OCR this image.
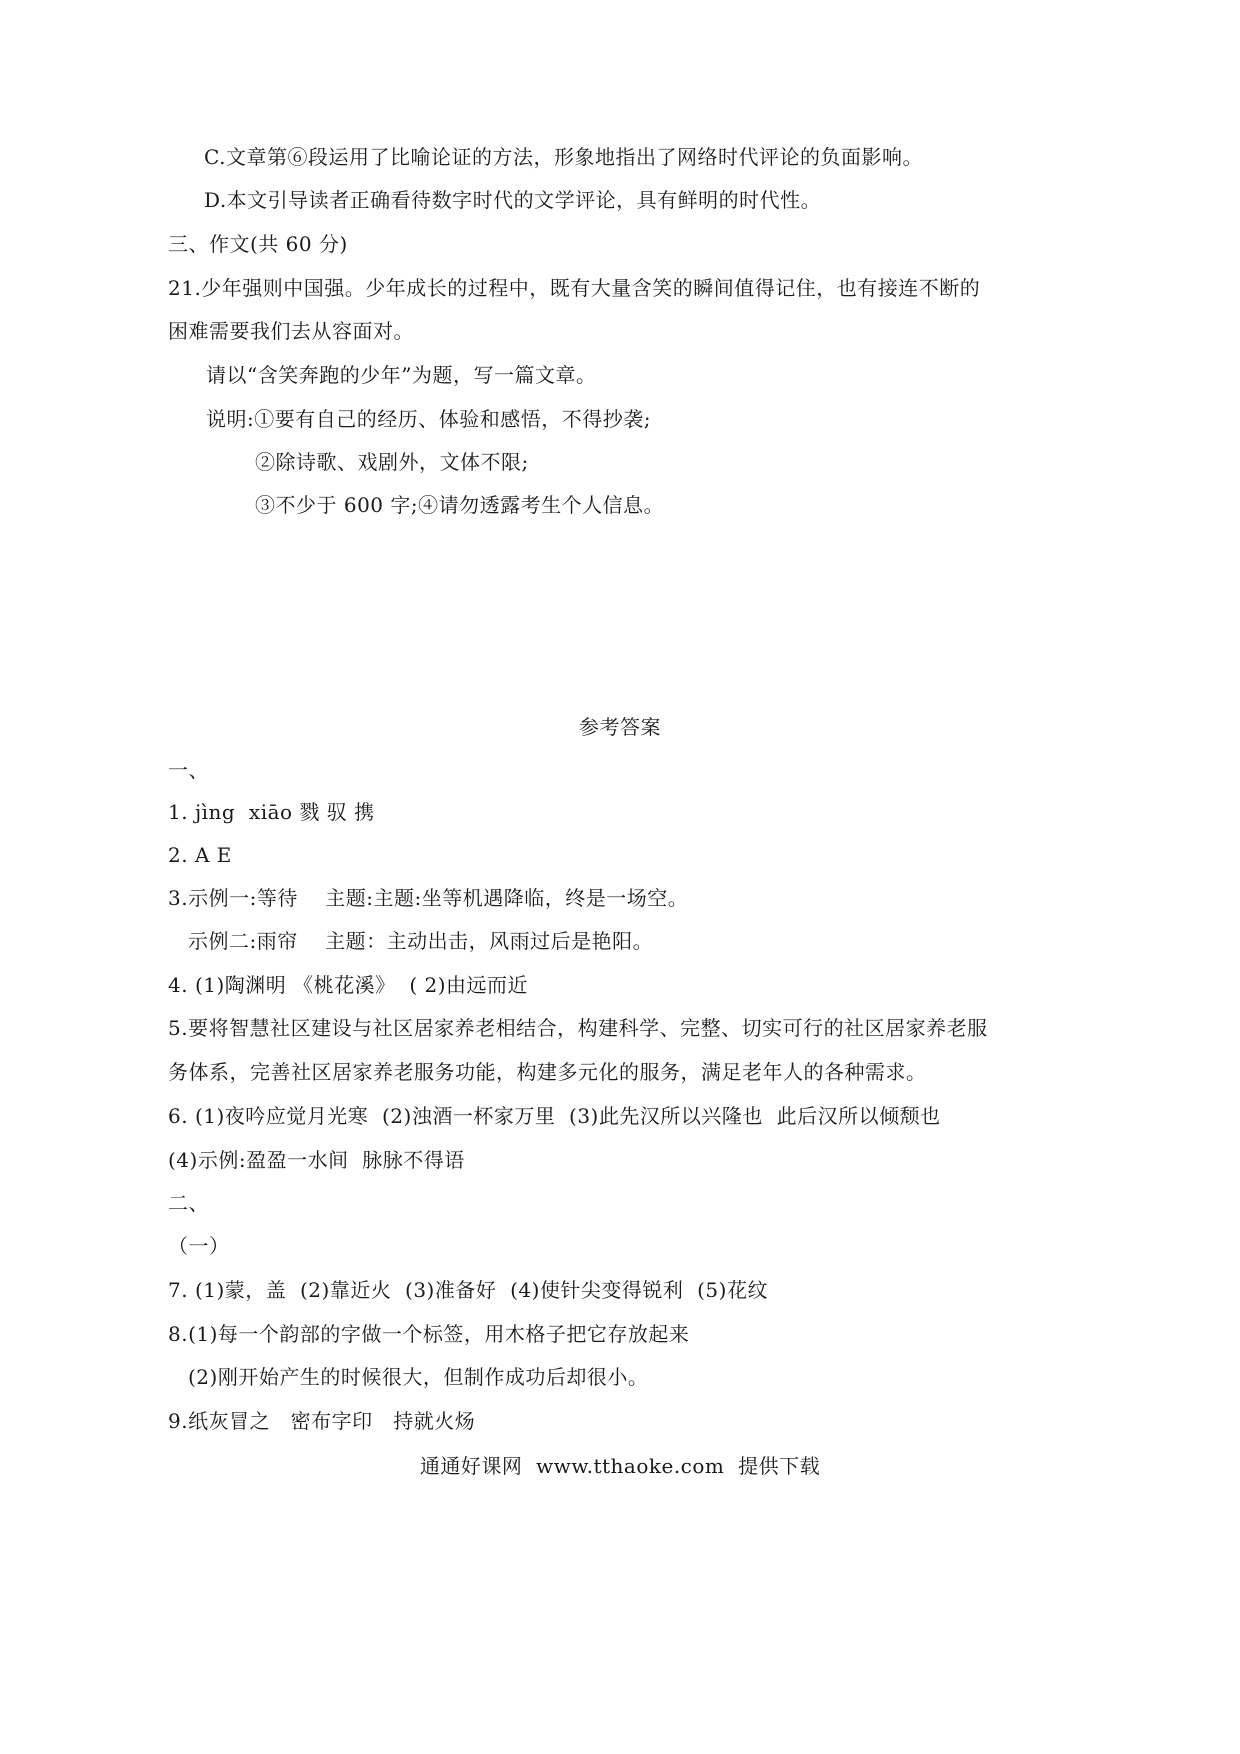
C.文章第⑥段运用了比喻论证的方法，形象地指出了网络时代评论的负面影响。
D.本文引导读者正确看待数字时代的文学评论，具有鲜明的时代性。
三、作文(共 60 分)
21.少年强则中国强。少年成长的过程中，既有大量含笑的瞬间值得记住，也有接连不断的
困难需要我们去从容面对。
请以“含笑奔跑的少年”为题，写一篇文章。
说明:①要有自己的经历、体验和感悟，不得抄袭;
②除诗歌、戏剧外，文体不限;
③不少于 600 字;④请勿透露考生个人信息。
参考答案
一、
1. jìng  xiāo 戮 驭 携
2. A E
3.示例一:等待    主题:主题:坐等机遇降临，终是一场空。
示例二:雨帘    主题：主动出击，风雨过后是艳阳。
4. (1)陶渊明 《桃花溪》  ( 2)由远而近
5.要将智慧社区建设与社区居家养老相结合，构建科学、完整、切实可行的社区居家养老服
务体系，完善社区居家养老服务功能，构建多元化的服务，满足老年人的各种需求。
6. (1)夜吟应觉月光寒  (2)浊酒一杯家万里  (3)此先汉所以兴隆也  此后汉所以倾颓也
(4)示例:盈盈一水间  脉脉不得语
二、
（一）
7. (1)蒙，盖  (2)靠近火  (3)准备好  (4)使针尖变得锐利  (5)花纹
8.(1)每一个韵部的字做一个标签，用木格子把它存放起来
(2)刚开始产生的时候很大，但制作成功后却很小。
9.纸灰冒之   密布字印   持就火炀
通通好课网  www.tthaoke.com  提供下载
